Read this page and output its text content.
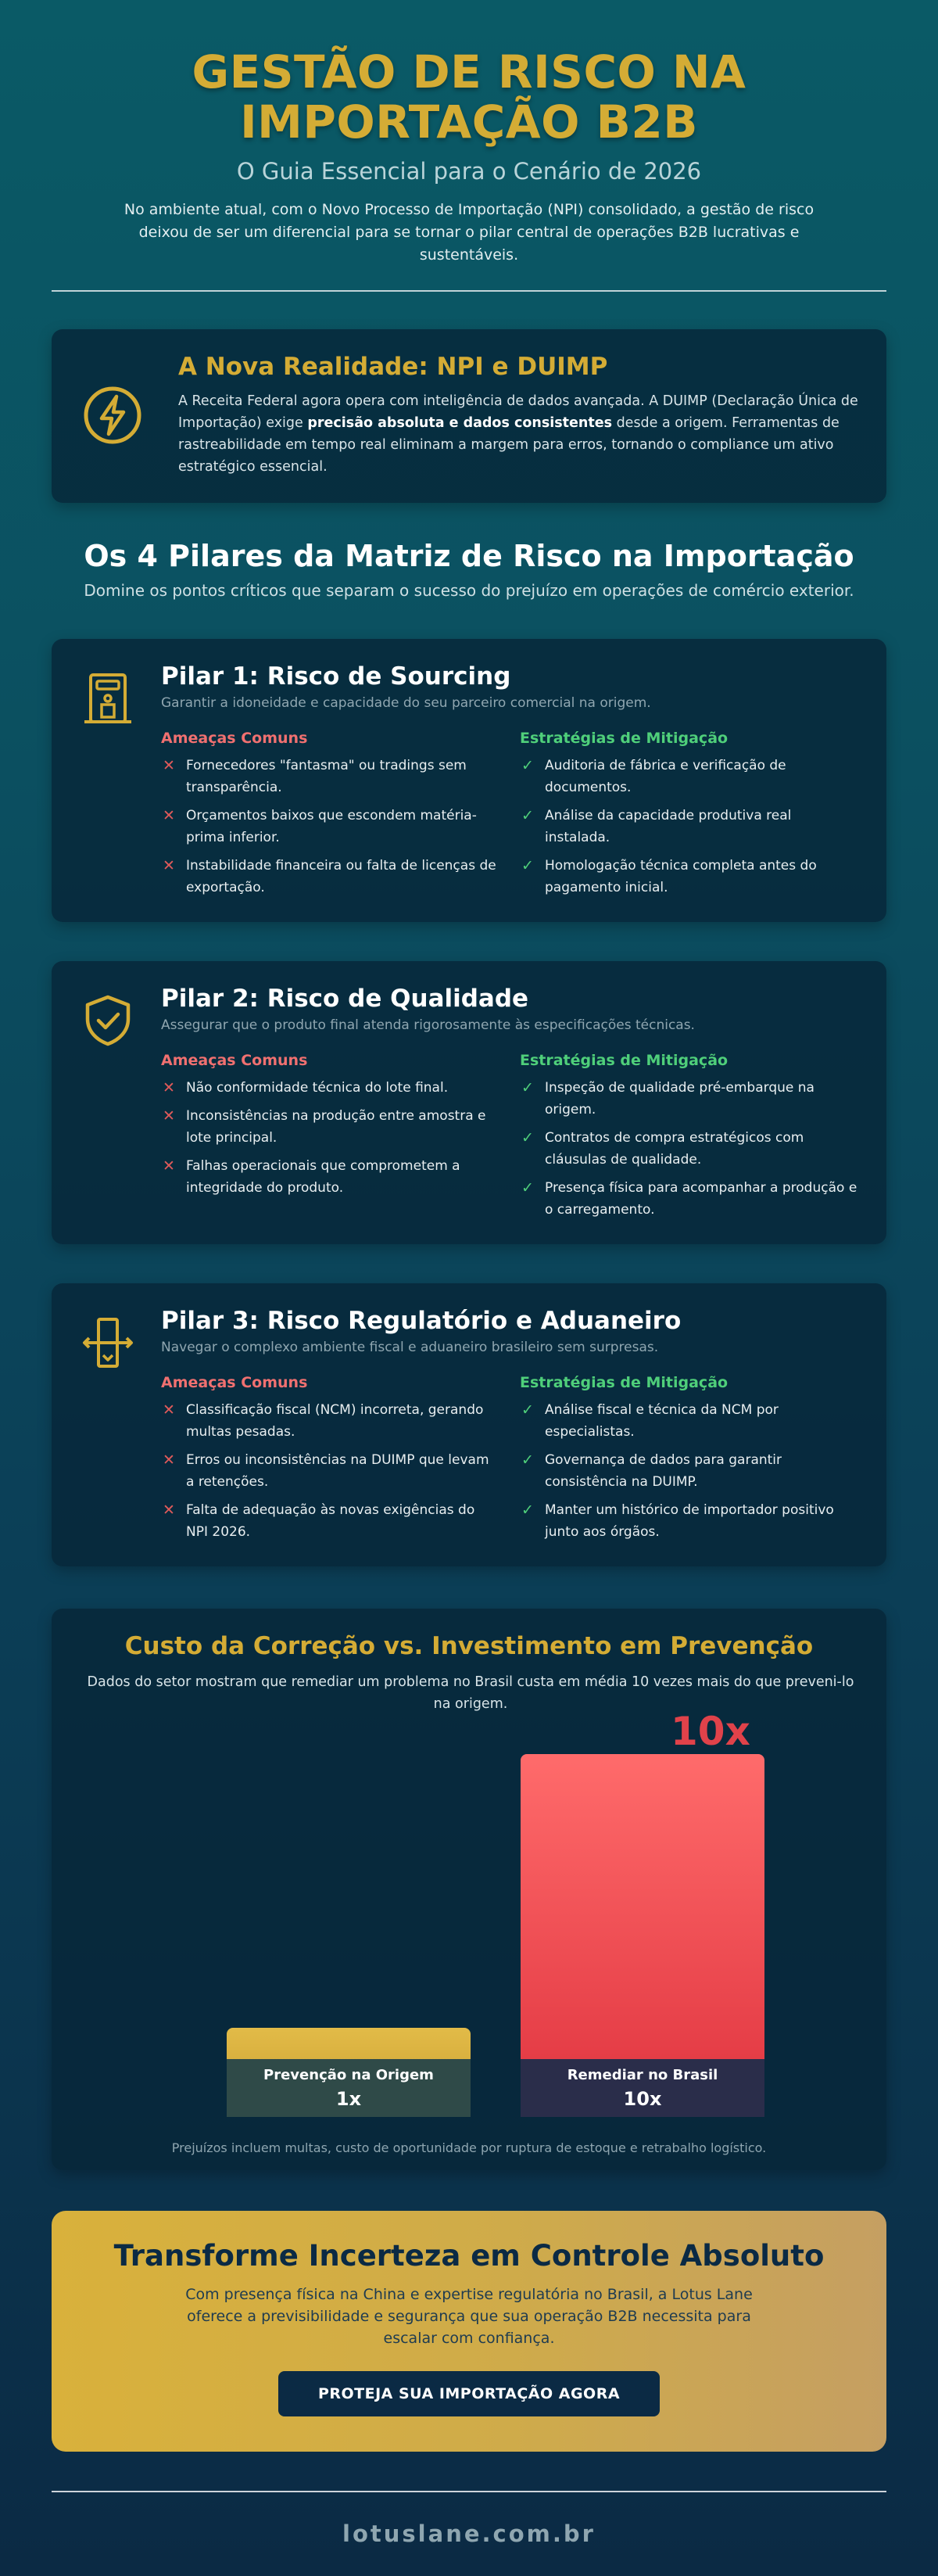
GESTÃO DE RISCO NA
IMPORTAÇÃO B2B

O Guia Essencial para o Cenário de 2026

No ambiente atual, com o Novo Processo de Importação (NPI) consolidado, a gestão de risco deixou de ser um diferencial para se tornar o pilar central de operações B2B lucrativas e sustentáveis.

A Nova Realidade: NPI e DUIMP

A Receita Federal agora opera com inteligência de dados avançada. A DUIMP (Declaração Única de Importação) exige precisão absoluta e dados consistentes desde a origem. Ferramentas de rastreabilidade em tempo real eliminam a margem para erros, tornando o compliance um ativo estratégico essencial.

Os 4 Pilares da Matriz de Risco na Importação

Domine os pontos críticos que separam o sucesso do prejuízo em operações de comércio exterior.

Pilar 1: Risco de Sourcing

Garantir a idoneidade e capacidade do seu parceiro comercial na origem.

Ameaças Comuns

✕ Fornecedores "fantasma" ou tradings sem transparência.
✕ Orçamentos baixos que escondem matéria-prima inferior.
✕ Instabilidade financeira ou falta de licenças de exportação.

Estratégias de Mitigação

✓ Auditoria de fábrica e verificação de documentos.
✓ Análise da capacidade produtiva real instalada.
✓ Homologação técnica completa antes do pagamento inicial.
Pilar 2: Risco de Qualidade

Assegurar que o produto final atenda rigorosamente às especificações técnicas.

Ameaças Comuns

✕ Não conformidade técnica do lote final.
✕ Inconsistências na produção entre amostra e lote principal.
✕ Falhas operacionais que comprometem a integridade do produto.

Estratégias de Mitigação

✓ Inspeção de qualidade pré-embarque na origem.
✓ Contratos de compra estratégicos com cláusulas de qualidade.
✓ Presença física para acompanhar a produção e o carregamento.
Pilar 3: Risco Regulatório e Aduaneiro

Navegar o complexo ambiente fiscal e aduaneiro brasileiro sem surpresas.

Ameaças Comuns

✕ Classificação fiscal (NCM) incorreta, gerando multas pesadas.
✕ Erros ou inconsistências na DUIMP que levam a retenções.
✕ Falta de adequação às novas exigências do NPI 2026.

Estratégias de Mitigação

✓ Análise fiscal e técnica da NCM por especialistas.
✓ Governança de dados para garantir consistência na DUIMP.
✓ Manter um histórico de importador positivo junto aos órgãos.
Custo da Correção vs. Investimento em Prevenção

Dados do setor mostram que remediar um problema no Brasil custa em média 10 vezes mais do que preveni-lo na origem.

10x
Prevenção na Origem
1x
Remediar no Brasil
10x

Prejuízos incluem multas, custo de oportunidade por ruptura de estoque e retrabalho logístico.

Transforme Incerteza em Controle Absoluto

Com presença física na China e expertise regulatória no Brasil, a Lotus Lane oferece a previsibilidade e segurança que sua operação B2B necessita para escalar com confiança.

PROTEJA SUA IMPORTAÇÃO AGORA
lotuslane.com.br
